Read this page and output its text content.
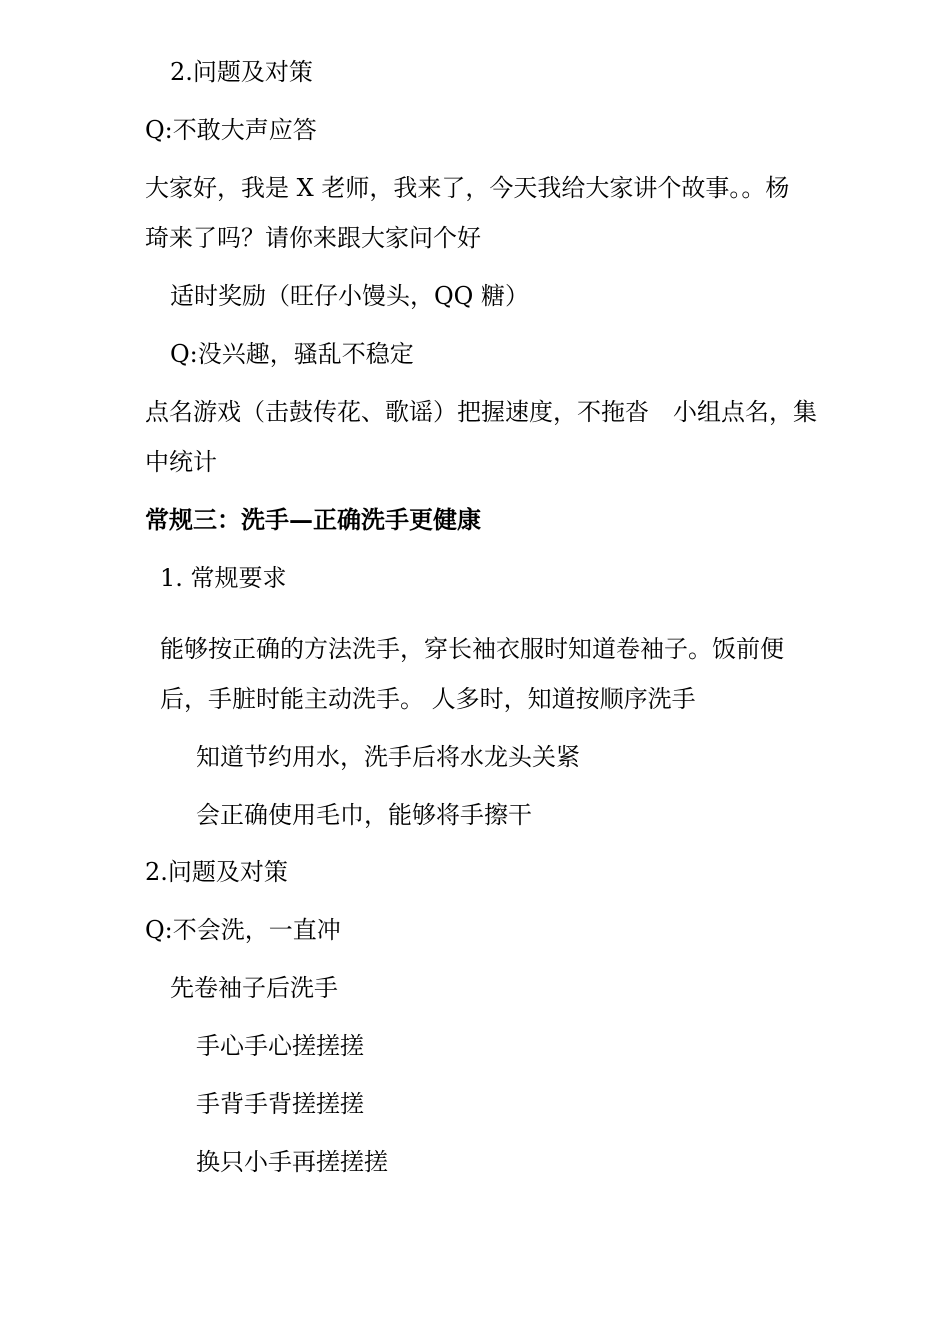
2.问题及对策
Q:不敢大声应答
大家好，我是 X 老师，我来了，今天我给大家讲个故事。。杨
琦来了吗？请你来跟大家问个好
适时奖励（旺仔小馒头，QQ 糖）
Q:没兴趣，骚乱不稳定
点名游戏（击鼓传花、歌谣）把握速度，不拖沓　小组点名，集
中统计
常规三：洗手—正确洗手更健康
1. 常规要求
能够按正确的方法洗手，穿长袖衣服时知道卷袖子。饭前便
后，手脏时能主动洗手。 人多时，知道按顺序洗手
知道节约用水，洗手后将水龙头关紧
会正确使用毛巾，能够将手擦干
2.问题及对策
Q:不会洗，一直冲
先卷袖子后洗手
手心手心搓搓搓
手背手背搓搓搓
换只小手再搓搓搓
